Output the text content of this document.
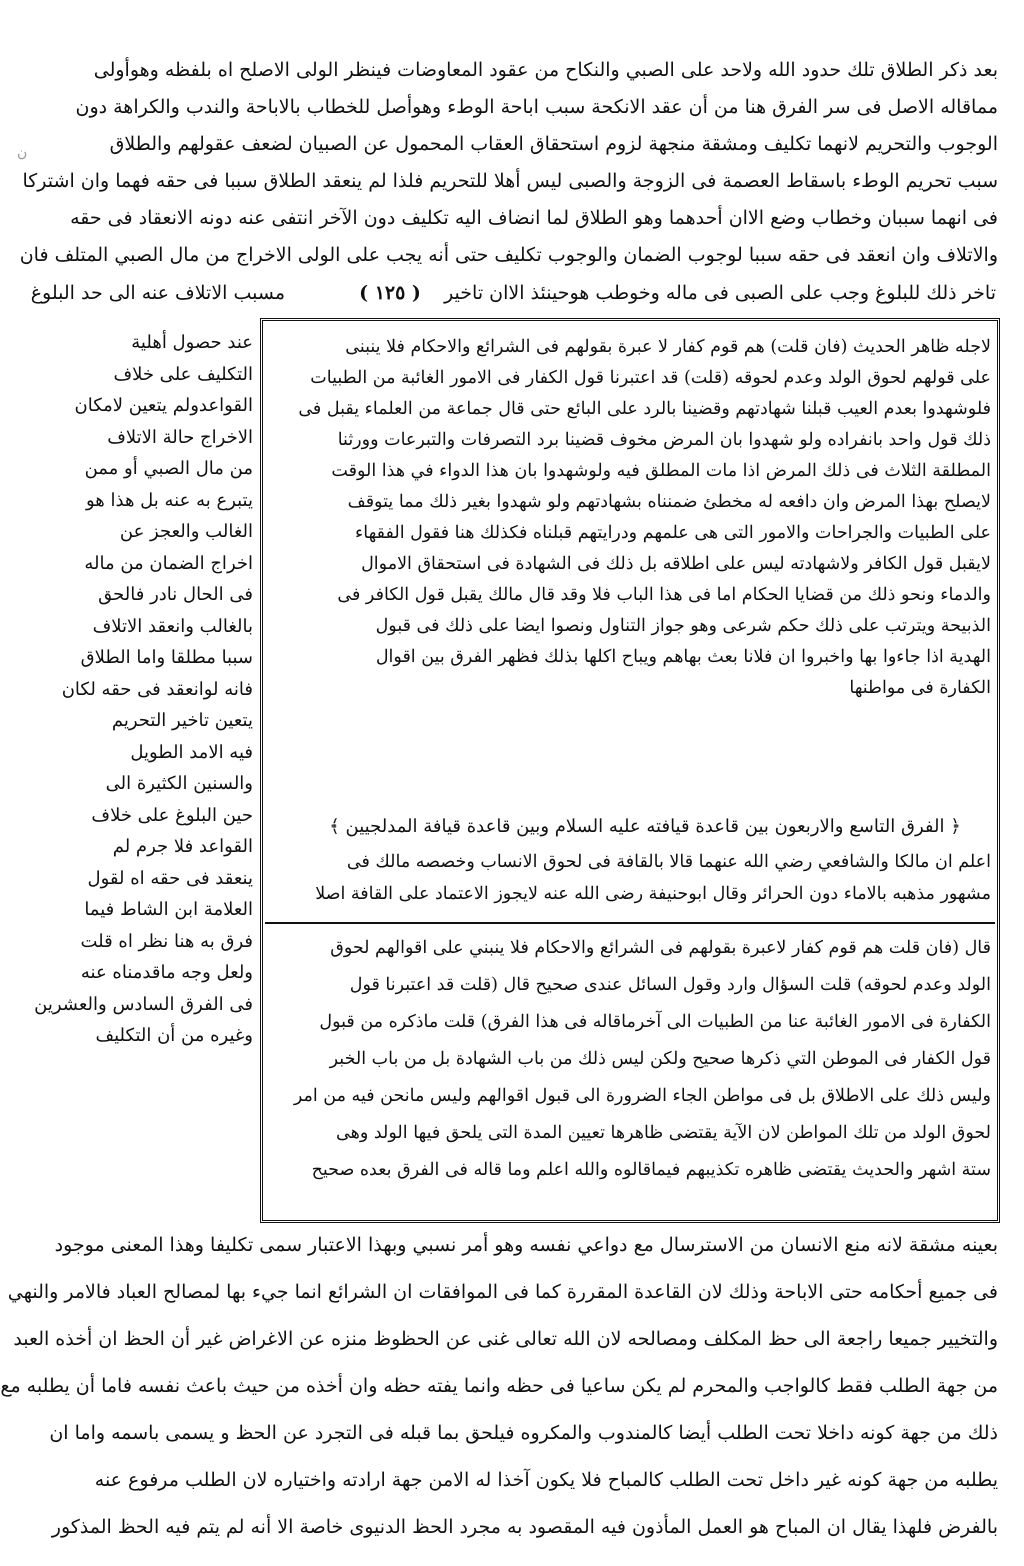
بعد ذكر الطلاق تلك حدود الله ولاحد على الصبي والنكاح من عقود المعاوضات فينظر الولى الاصلح اه بلفظه وهوأولى
مماقاله الاصل فى سر الفرق هنا من أن عقد الانكحة سبب اباحة الوطء وهوأصل للخطاب بالاباحة والندب والكراهة دون
الوجوب والتحريم لانهما تكليف ومشقة منجهة لزوم استحقاق العقاب المحمول عن الصبيان لضعف عقولهم والطلاق
سبب تحريم الوطء باسقاط العصمة فى الزوجة والصبى ليس أهلا للتحريم فلذا لم ينعقد الطلاق سببا فى حقه فهما وان اشتركا
فى انهما سببان وخطاب وضع الاان أحدهما وهو الطلاق لما انضاف اليه تكليف دون الآخر انتفى عنه دونه الانعقاد فى حقه
والاتلاف وان انعقد فى حقه سببا لوجوب الضمان والوجوب تكليف حتى أنه يجب على الولى الاخراج من مال الصبي المتلف فان
تاخر ذلك للبلوغ وجب على الصبى فى ماله وخوطب هوحينئذ الاان تاخير
( ١٢٥ )
مسبب الاتلاف عنه الى حد البلوغ
ن
عند حصول أهلية
التكليف على خلاف
القواعدولم يتعين لامكان
الاخراج حالة الاتلاف
من مال الصبي أو ممن
يتبرع به عنه بل هذا هو
الغالب والعجز عن
اخراج الضمان من ماله
فى الحال نادر فالحق
بالغالب وانعقد الاتلاف
سببا مطلقا واما الطلاق
فانه لوانعقد فى حقه لكان
يتعين تاخير التحريم
فيه الامد الطويل
والسنين الكثيرة الى
حين البلوغ على خلاف
القواعد فلا جرم لم
ينعقد فى حقه اه لقول
العلامة ابن الشاط فيما
فرق به هنا نظر اه قلت
ولعل وجه ماقدمناه عنه
فى الفرق السادس والعشرين
وغيره من أن التكليف
لاجله ظاهر الحديث (فان قلت) هم قوم كفار لا عبرة بقولهم فى الشرائع والاحكام فلا ينبنى
على قولهم لحوق الولد وعدم لحوقه (قلت) قد اعتبرنا قول الكفار فى الامور الغائبة من الطبيات
فلوشهدوا بعدم العيب قبلنا شهادتهم وقضينا بالرد على البائع حتى قال جماعة من العلماء يقبل فى
ذلك قول واحد بانفراده ولو شهدوا بان المرض مخوف قضينا برد التصرفات والتبرعات وورثنا
المطلقة الثلاث فى ذلك المرض اذا مات المطلق فيه ولوشهدوا بان هذا الدواء في هذا الوقت
لايصلح بهذا المرض وان دافعه له مخطئ ضمنناه بشهادتهم ولو شهدوا بغير ذلك مما يتوقف
على الطبيات والجراحات والامور التى هى علمهم ودرايتهم قبلناه فكذلك هنا فقول الفقهاء
لايقبل قول الكافر ولاشهادته ليس على اطلاقه بل ذلك فى الشهادة فى استحقاق الاموال
والدماء ونحو ذلك من قضايا الحكام اما فى هذا الباب فلا وقد قال مالك يقبل قول الكافر فى
الذبيحة ويترتب على ذلك حكم شرعى وهو جواز التناول ونصوا ايضا على ذلك فى قبول
الهدية اذا جاءوا بها واخبروا ان فلانا بعث بهاهم ويباح اكلها بذلك فظهر الفرق بين اقوال
الكفارة فى مواطنها
﴿ الفرق التاسع والاربعون بين قاعدة قيافته عليه السلام وبين قاعدة قيافة المدلجيين ﴾
اعلم ان مالكا والشافعي رضي الله عنهما قالا بالقافة فى لحوق الانساب وخصصه مالك فى
مشهور مذهبه بالاماء دون الحرائر وقال ابوحنيفة رضى الله عنه لايجوز الاعتماد على القافة اصلا
قال (فان قلت هم قوم كفار لاعبرة بقولهم فى الشرائع والاحكام فلا ينبني على اقوالهم لحوق
الولد وعدم لحوقه) قلت السؤال وارد وقول السائل عندى صحيح قال (قلت قد اعتبرنا قول
الكفارة فى الامور الغائبة عنا من الطبيات الى آخرماقاله فى هذا الفرق) قلت ماذكره من قبول
قول الكفار فى الموطن التي ذكرها صحيح ولكن ليس ذلك من باب الشهادة بل من باب الخبر
وليس ذلك على الاطلاق بل فى مواطن الجاء الضرورة الى قبول اقوالهم وليس مانحن فيه من امر
لحوق الولد من تلك المواطن لان الآية يقتضى ظاهرها تعيين المدة التى يلحق فيها الولد وهى
ستة اشهر والحديث يقتضى ظاهره تكذيبهم فيماقالوه والله اعلم وما قاله فى الفرق بعده صحيح
بعينه مشقة لانه منع الانسان من الاسترسال مع دواعي نفسه وهو أمر نسبي وبهذا الاعتبار سمى تكليفا وهذا المعنى موجود
فى جميع أحكامه حتى الاباحة وذلك لان القاعدة المقررة كما فى الموافقات ان الشرائع انما جيء بها لمصالح العباد فالامر والنهي
والتخيير جميعا راجعة الى حظ المكلف ومصالحه لان الله تعالى غنى عن الحظوظ منزه عن الاغراض غير أن الحظ ان أخذه العبد
من جهة الطلب فقط كالواجب والمحرم لم يكن ساعيا فى حظه وانما يفته حظه وان أخذه من حيث باعث نفسه فاما أن يطلبه مع
ذلك من جهة كونه داخلا تحت الطلب أيضا كالمندوب والمكروه فيلحق بما قبله فى التجرد عن الحظ و يسمى باسمه واما ان
يطلبه من جهة كونه غير داخل تحت الطلب كالمباح فلا يكون آخذا له الامن جهة ارادته واختياره لان الطلب مرفوع عنه
بالفرض فلهذا يقال ان المباح هو العمل المأذون فيه المقصود به مجرد الحظ الدنيوى خاصة الا أنه لم يتم فيه الحظ المذكور
